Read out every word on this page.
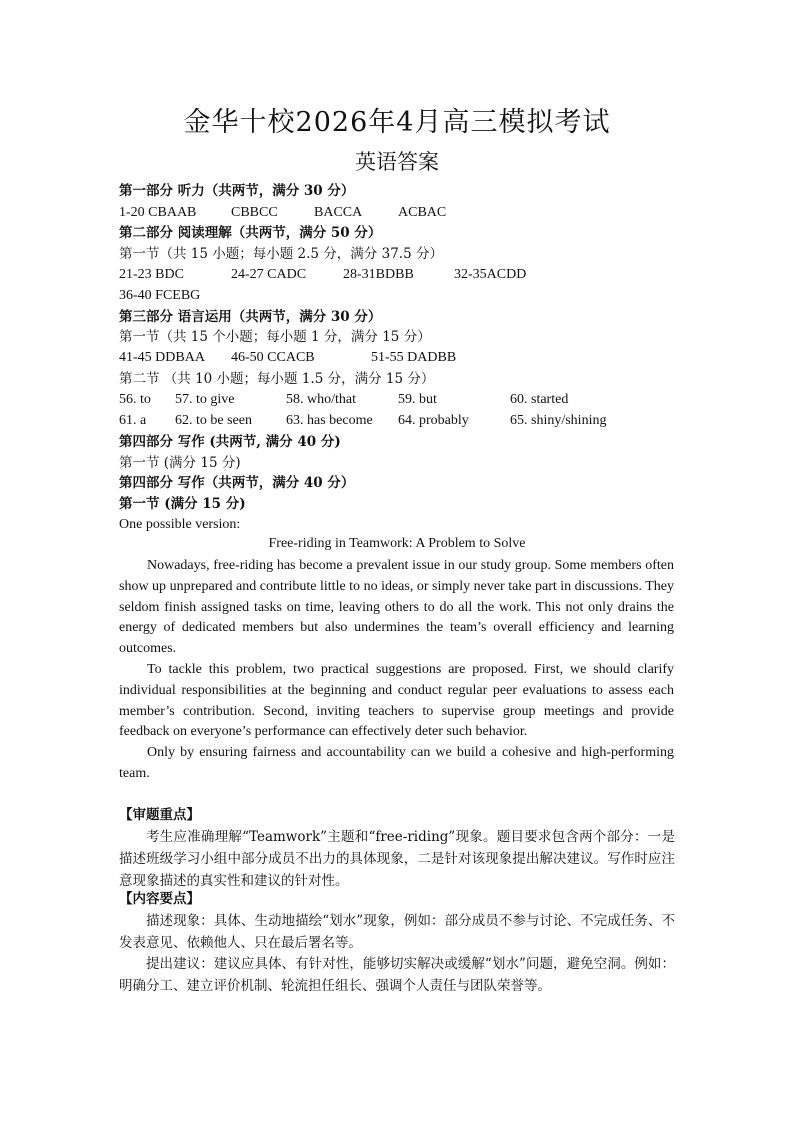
金华十校2026年4月高三模拟考试
英语答案
第一部分 听力（共两节，满分 30 分）
1-20 CBAAB CBBCC	BACCA	ACBAC
第二部分 阅读理解（共两节，满分 50 分）
第一节（共 15 小题；每小题 2.5 分，满分 37.5 分）
21-23 BDC	24-27 CADC	28-31BDBB	32-35ACDD
36-40 FCEBG
第三部分 语言运用（共两节，满分 30 分）
第一节（共 15 个小题；每小题 1 分，满分 15 分）
41-45 DDBAA 46-50 CCACB	51-55 DADBB
第二节 （共 10 小题；每小题 1.5 分，满分 15 分）
56. to 57. to give	58. who/that	59. but	60. started
61. a 62. to be seen 63. has become 64. probably	65. shiny/shining
第四部分 写作 (共两节, 满分 40 分)
第一节 (满分 15 分)
第四部分 写作（共两节，满分 40 分）
第一节 (满分 15 分)
One possible version:
Free-riding in Teamwork: A Problem to Solve
Nowadays, free-riding has become a prevalent issue in our study group. Some members often show up unprepared and contribute little to no ideas, or simply never take part in discussions. They seldom finish assigned tasks on time, leaving others to do all the work. This not only drains the energy of dedicated members but also undermines the team’s overall efficiency and learning outcomes.
To tackle this problem, two practical suggestions are proposed. First, we should clarify individual responsibilities at the beginning and conduct regular peer evaluations to assess each member’s contribution. Second, inviting teachers to supervise group meetings and provide feedback on everyone’s performance can effectively deter such behavior.
Only by ensuring fairness and accountability can we build a cohesive and high-performing team.
【审题重点】
考生应准确理解“Teamwork”主题和“free-riding”现象。题目要求包含两个部分：一是描述班级学习小组中部分成员不出力的具体现象，二是针对该现象提出解决建议。写作时应注意现象描述的真实性和建议的针对性。
【内容要点】
描述现象：具体、生动地描绘“划水”现象，例如：部分成员不参与讨论、不完成任务、不发表意见、依赖他人、只在最后署名等。
提出建议：建议应具体、有针对性，能够切实解决或缓解“划水”问题，避免空洞。例如：明确分工、建立评价机制、轮流担任组长、强调个人责任与团队荣誉等。
